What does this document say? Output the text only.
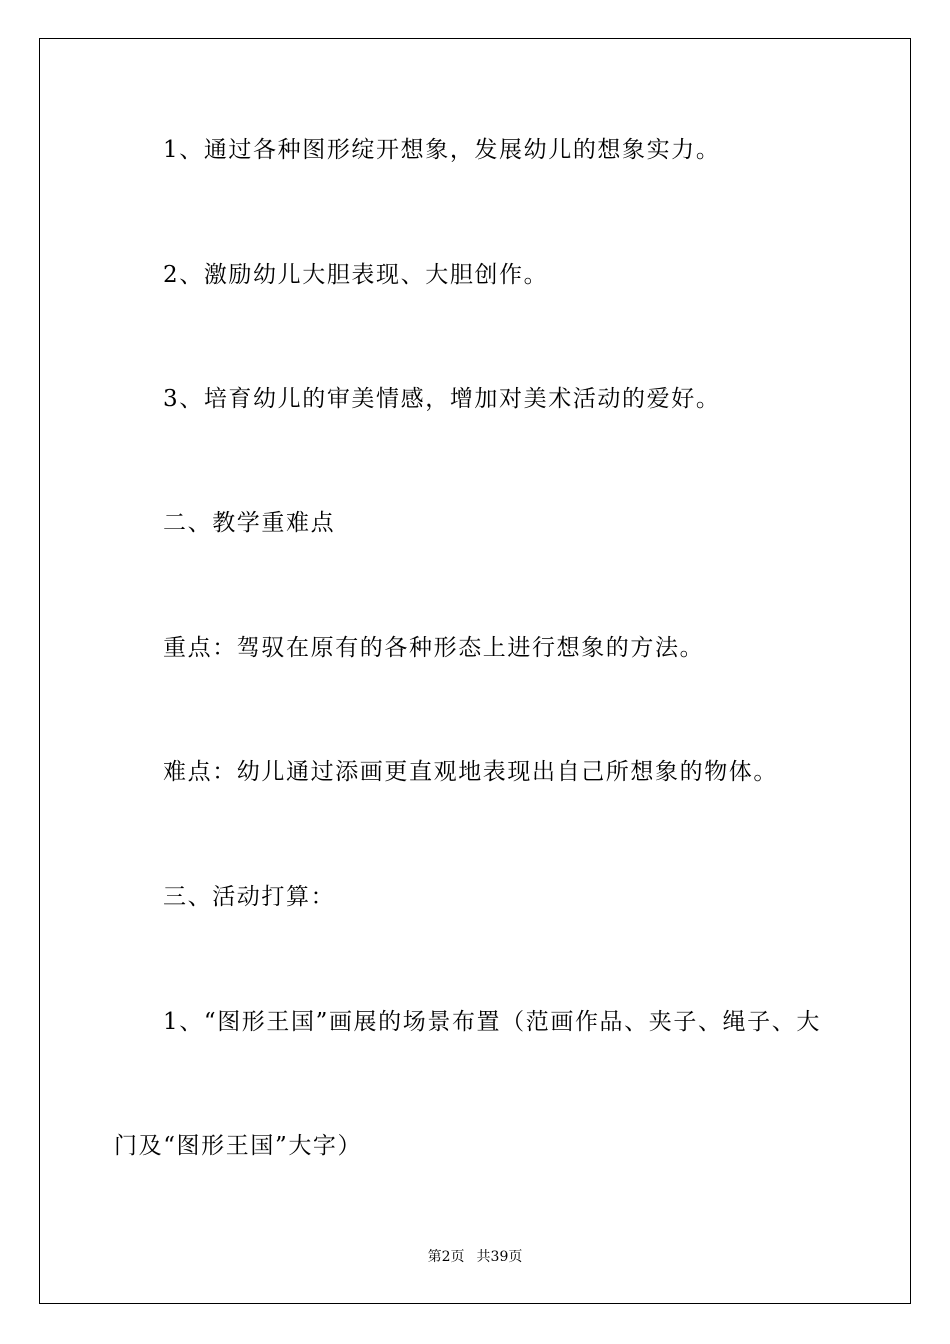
1、通过各种图形绽开想象，发展幼儿的想象实力。
2、激励幼儿大胆表现、大胆创作。
3、培育幼儿的审美情感，增加对美术活动的爱好。
二、教学重难点
重点：驾驭在原有的各种形态上进行想象的方法。
难点：幼儿通过添画更直观地表现出自己所想象的物体。
三、活动打算：
1、“图形王国”画展的场景布置（范画作品、夹子、绳子、大
门及“图形王国”大字）
第2页 共39页
